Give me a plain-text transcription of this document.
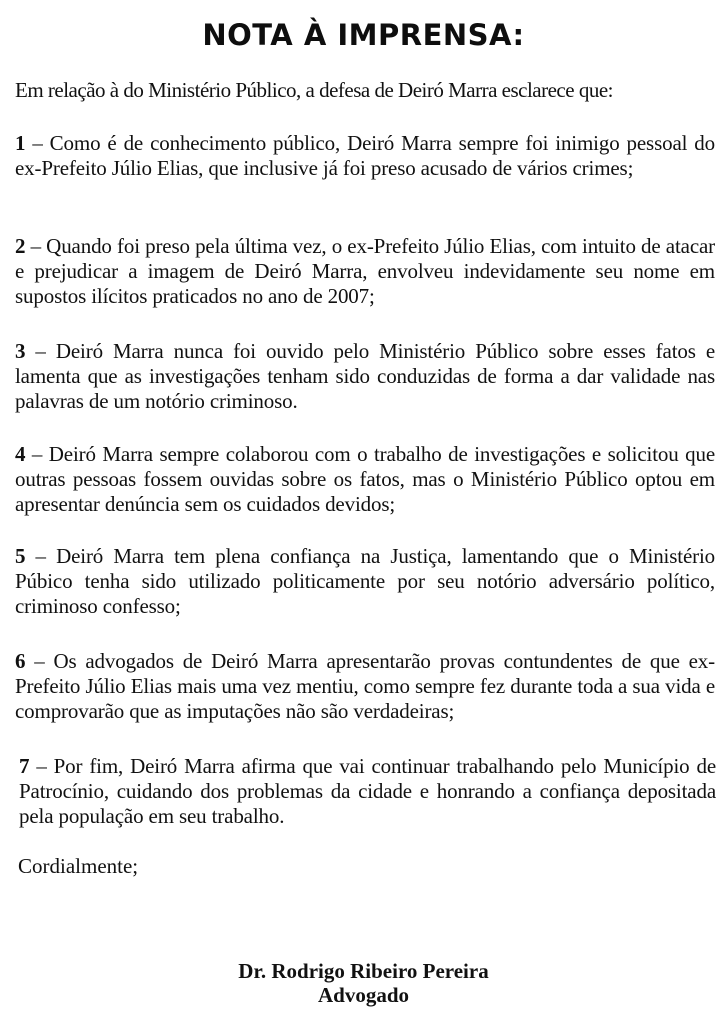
NOTA À IMPRENSA:
Em relação à do Ministério Público, a defesa de Deiró Marra esclarece que:
1 – Como é de conhecimento público, Deiró Marra sempre foi inimigo pessoal do ex-Prefeito Júlio Elias, que inclusive já foi preso acusado de vários crimes;
2 – Quando foi preso pela última vez, o ex-Prefeito Júlio Elias, com intuito de atacar e prejudicar a imagem de Deiró Marra, envolveu indevidamente seu nome em supostos ilícitos praticados no ano de 2007;
3 – Deiró Marra nunca foi ouvido pelo Ministério Público sobre esses fatos e lamenta que as investigações tenham sido conduzidas de forma a dar validade nas palavras de um notório criminoso.
4 – Deiró Marra sempre colaborou com o trabalho de investigações e solicitou que outras pessoas fossem ouvidas sobre os fatos, mas o Ministério Público optou em apresentar denúncia sem os cuidados devidos;
5 – Deiró Marra tem plena confiança na Justiça, lamentando que o Ministério Púbico tenha sido utilizado politicamente por seu notório adversário político, criminoso confesso;
6 – Os advogados de Deiró Marra apresentarão provas contundentes de que ex-Prefeito Júlio Elias mais uma vez mentiu, como sempre fez durante toda a sua vida e comprovarão que as imputações não são verdadeiras;
7 – Por fim, Deiró Marra afirma que vai continuar trabalhando pelo Município de Patrocínio, cuidando dos problemas da cidade e honrando a confiança depositada pela população em seu trabalho.
Cordialmente;
Dr. Rodrigo Ribeiro Pereira
Advogado
